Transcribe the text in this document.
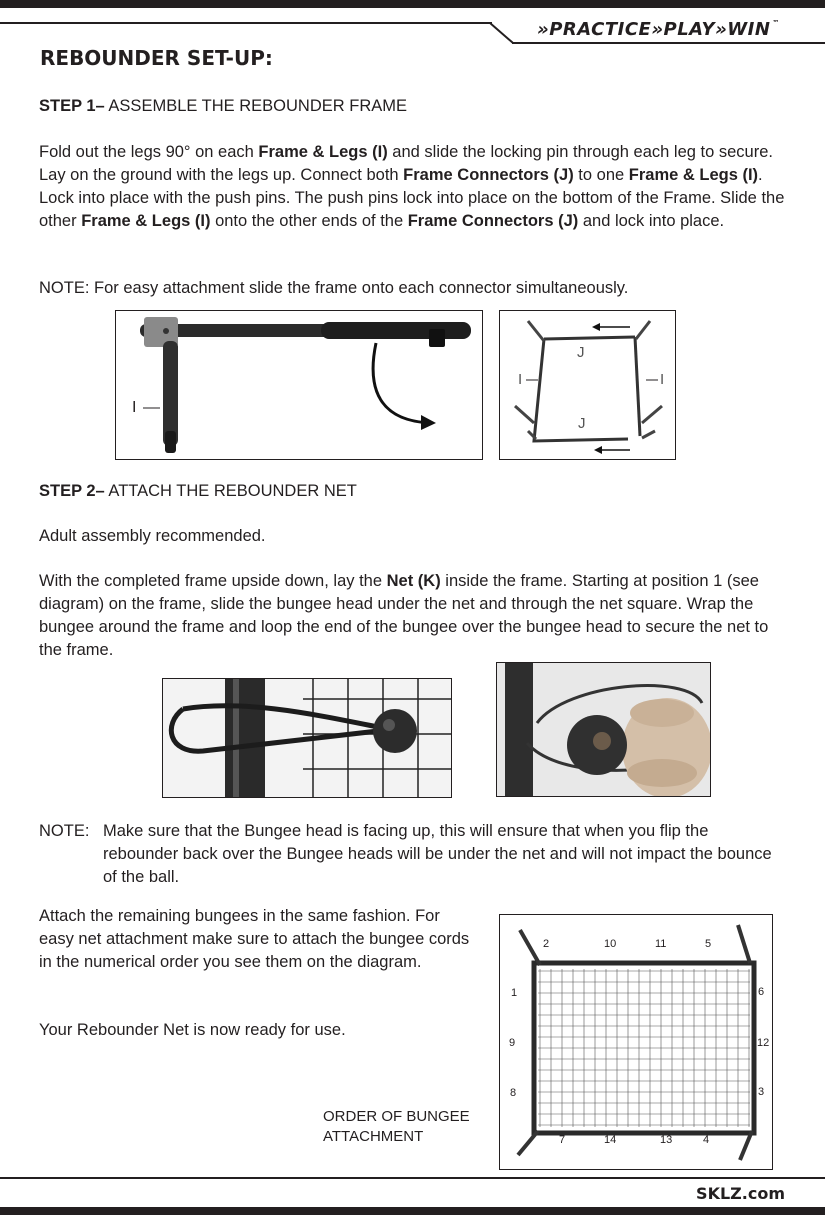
»PRACTICE»PLAY»WIN ™
REBOUNDER SET-UP:
STEP 1– ASSEMBLE THE REBOUNDER FRAME
Fold out the legs 90° on each Frame & Legs (I) and slide the locking pin through each leg to secure. Lay on the ground with the legs up. Connect both Frame Connectors (J) to one Frame & Legs (I). Lock into place with the push pins. The push pins lock into place on the bottom of the Frame. Slide the other Frame & Legs (I) onto the other ends of the Frame Connectors (J) and lock into place.
NOTE: For easy attachment slide the frame onto each connector simultaneously.
I
J
I	I
J
STEP 2– ATTACH THE REBOUNDER NET
Adult assembly recommended.
With the completed frame upside down, lay the Net (K) inside the frame. Starting at position 1 (see diagram) on the frame, slide the bungee head under the net and through the net square. Wrap the bungee around the frame and loop the end of the bungee over the bungee head to secure the net to the frame.
NOTE: Make sure that the Bungee head is facing up, this will ensure that when you flip the rebounder back over the Bungee heads will be under the net and will not impact the bounce of the ball.
Attach the remaining bungees in the same fashion. For easy net attachment make sure to attach the bungee cords in the numerical order you see them on the diagram.
Your Rebounder Net is now ready for use.
ORDER OF BUNGEE ATTACHMENT
2	10	11	5
1
9
8
6
12
3
7	14	13	4
SKLZ.com
